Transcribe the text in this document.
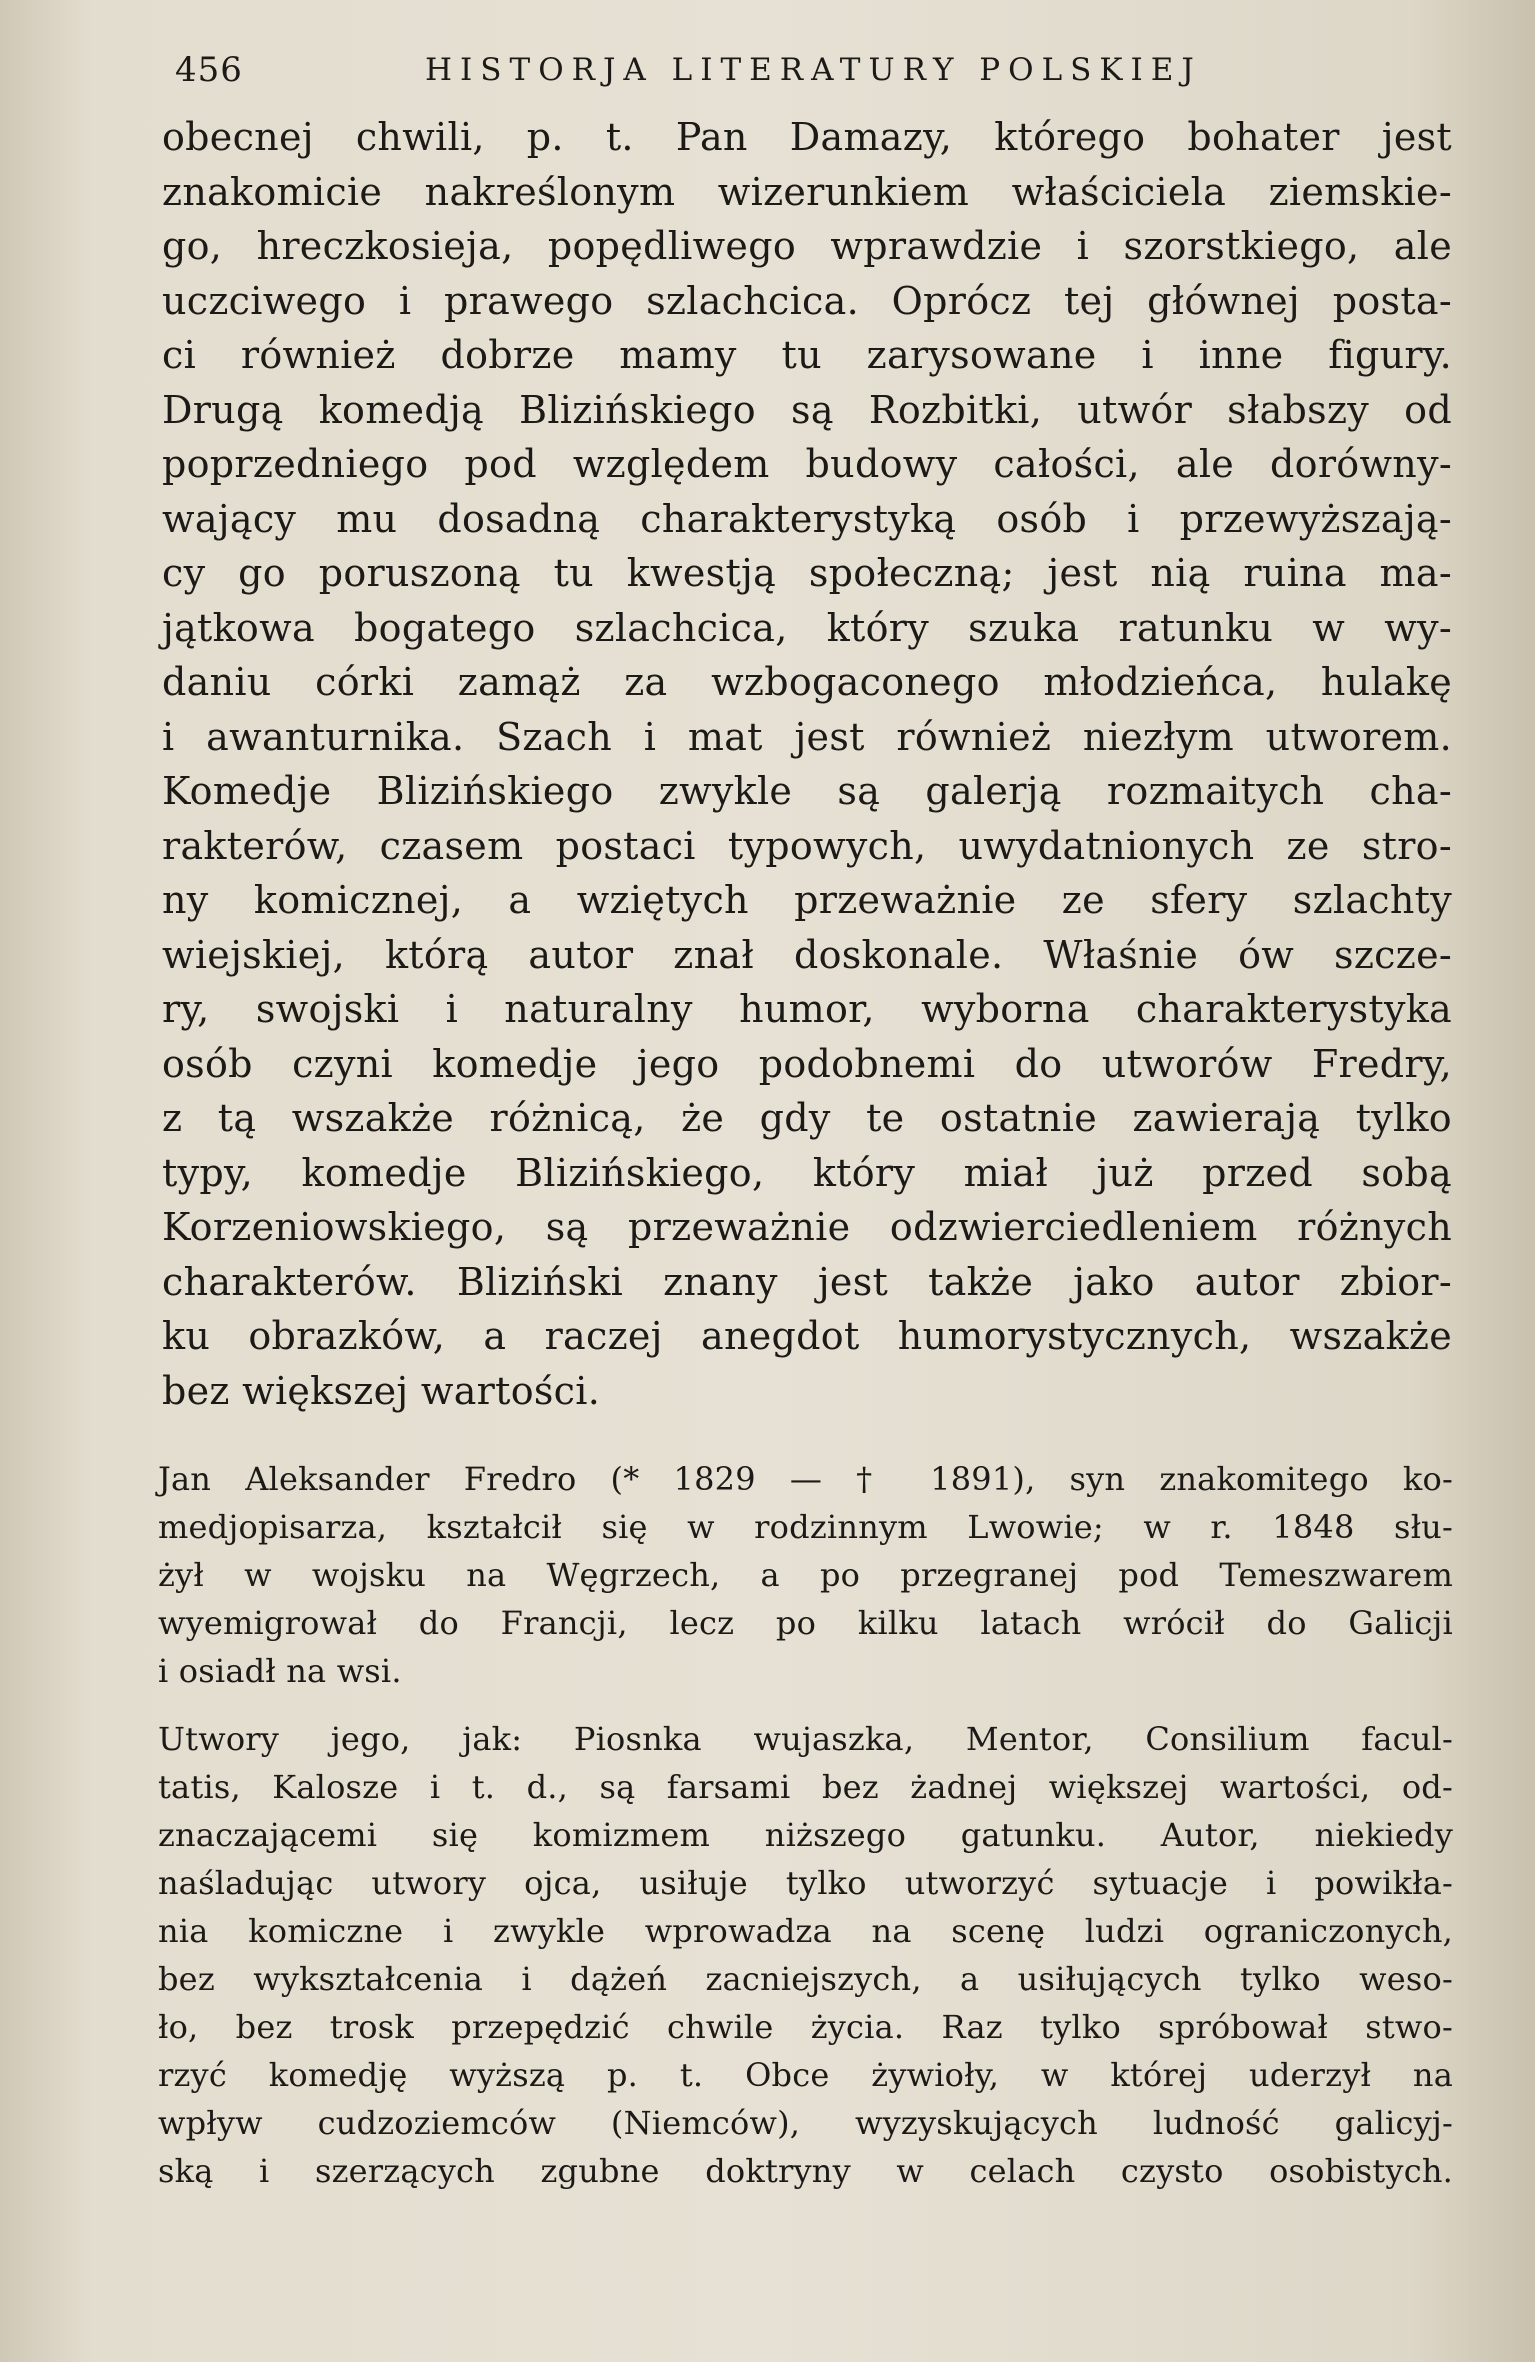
456	HISTORJA LITERATURY POLSKIEJ
obecnej chwili, p. t. Pan Damazy, którego bohater jest
znakomicie nakreślonym wizerunkiem właściciela ziemskie-
go, hreczkosieja, popędliwego wprawdzie i szorstkiego, ale
uczciwego i prawego szlachcica. Oprócz tej głównej posta-
ci również dobrze mamy tu zarysowane i inne figury.
Drugą komedją Blizińskiego są Rozbitki, utwór słabszy od
poprzedniego pod względem budowy całości, ale dorówny-
wający mu dosadną charakterystyką osób i przewyższają-
cy go poruszoną tu kwestją społeczną; jest nią ruina ma-
jątkowa bogatego szlachcica, który szuka ratunku w wy-
daniu córki zamąż za wzbogaconego młodzieńca, hulakę
i awanturnika. Szach i mat jest również niezłym utworem.
Komedje Blizińskiego zwykle są galerją rozmaitych cha-
rakterów, czasem postaci typowych, uwydatnionych ze stro-
ny komicznej, a wziętych przeważnie ze sfery szlachty
wiejskiej, którą autor znał doskonale. Właśnie ów szcze-
ry, swojski i naturalny humor, wyborna charakterystyka
osób czyni komedje jego podobnemi do utworów Fredry,
z tą wszakże różnicą, że gdy te ostatnie zawierają tylko
typy, komedje Blizińskiego, który miał już przed sobą
Korzeniowskiego, są przeważnie odzwierciedleniem różnych
charakterów. Bliziński znany jest także jako autor zbior-
ku obrazków, a raczej anegdot humorystycznych, wszakże
bez większej wartości.
Jan Aleksander Fredro (* 1829 — † 1891), syn znakomitego ko-
medjopisarza, kształcił się w rodzinnym Lwowie; w r. 1848 słu-
żył w wojsku na Węgrzech, a po przegranej pod Temeszwarem
wyemigrował do Francji, lecz po kilku latach wrócił do Galicji
i osiadł na wsi.
Utwory jego, jak: Piosnka wujaszka, Mentor, Consilium facul-
tatis, Kalosze i t. d., są farsami bez żadnej większej wartości, od-
znaczającemi się komizmem niższego gatunku. Autor, niekiedy
naśladując utwory ojca, usiłuje tylko utworzyć sytuacje i powikła-
nia komiczne i zwykle wprowadza na scenę ludzi ograniczonych,
bez wykształcenia i dążeń zacniejszych, a usiłujących tylko weso-
ło, bez trosk przepędzić chwile życia. Raz tylko spróbował stwo-
rzyć komedję wyższą p. t. Obce żywioły, w której uderzył na
wpływ cudzoziemców (Niemców), wyzyskujących ludność galicyj-
ską i szerzących zgubne doktryny w celach czysto osobistych.
